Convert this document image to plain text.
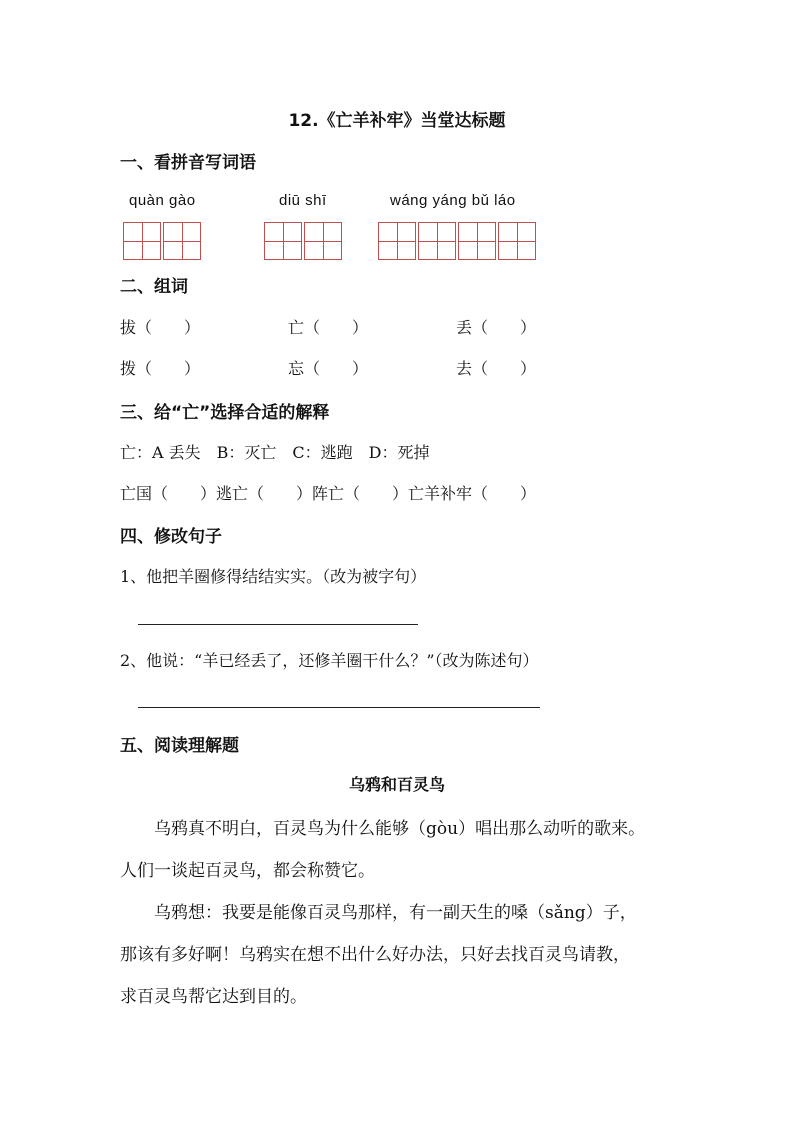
12.《亡羊补牢》当堂达标题
一、看拼音写词语
quàn gào	diū shī	wáng yáng bǔ láo
二、组词
拔（　　）	亡（　　）	丢（　　）
拨（　　）	忘（　　）	去（　　）
三、给“亡”选择合适的解释
亡：A 丢失　B：灭亡　C：逃跑　D：死掉
亡国（　　）逃亡（　　）阵亡（　　）亡羊补牢（　　）
四、修改句子
1、他把羊圈修得结结实实。（改为被字句）
2、他说：“羊已经丢了，还修羊圈干什么？”（改为陈述句）
五、阅读理解题
乌鸦和百灵鸟
乌鸦真不明白，百灵鸟为什么能够（gòu）唱出那么动听的歌来。
人们一谈起百灵鸟，都会称赞它。
乌鸦想：我要是能像百灵鸟那样，有一副天生的嗓（sǎng）子，
那该有多好啊！乌鸦实在想不出什么好办法，只好去找百灵鸟请教，
求百灵鸟帮它达到目的。
